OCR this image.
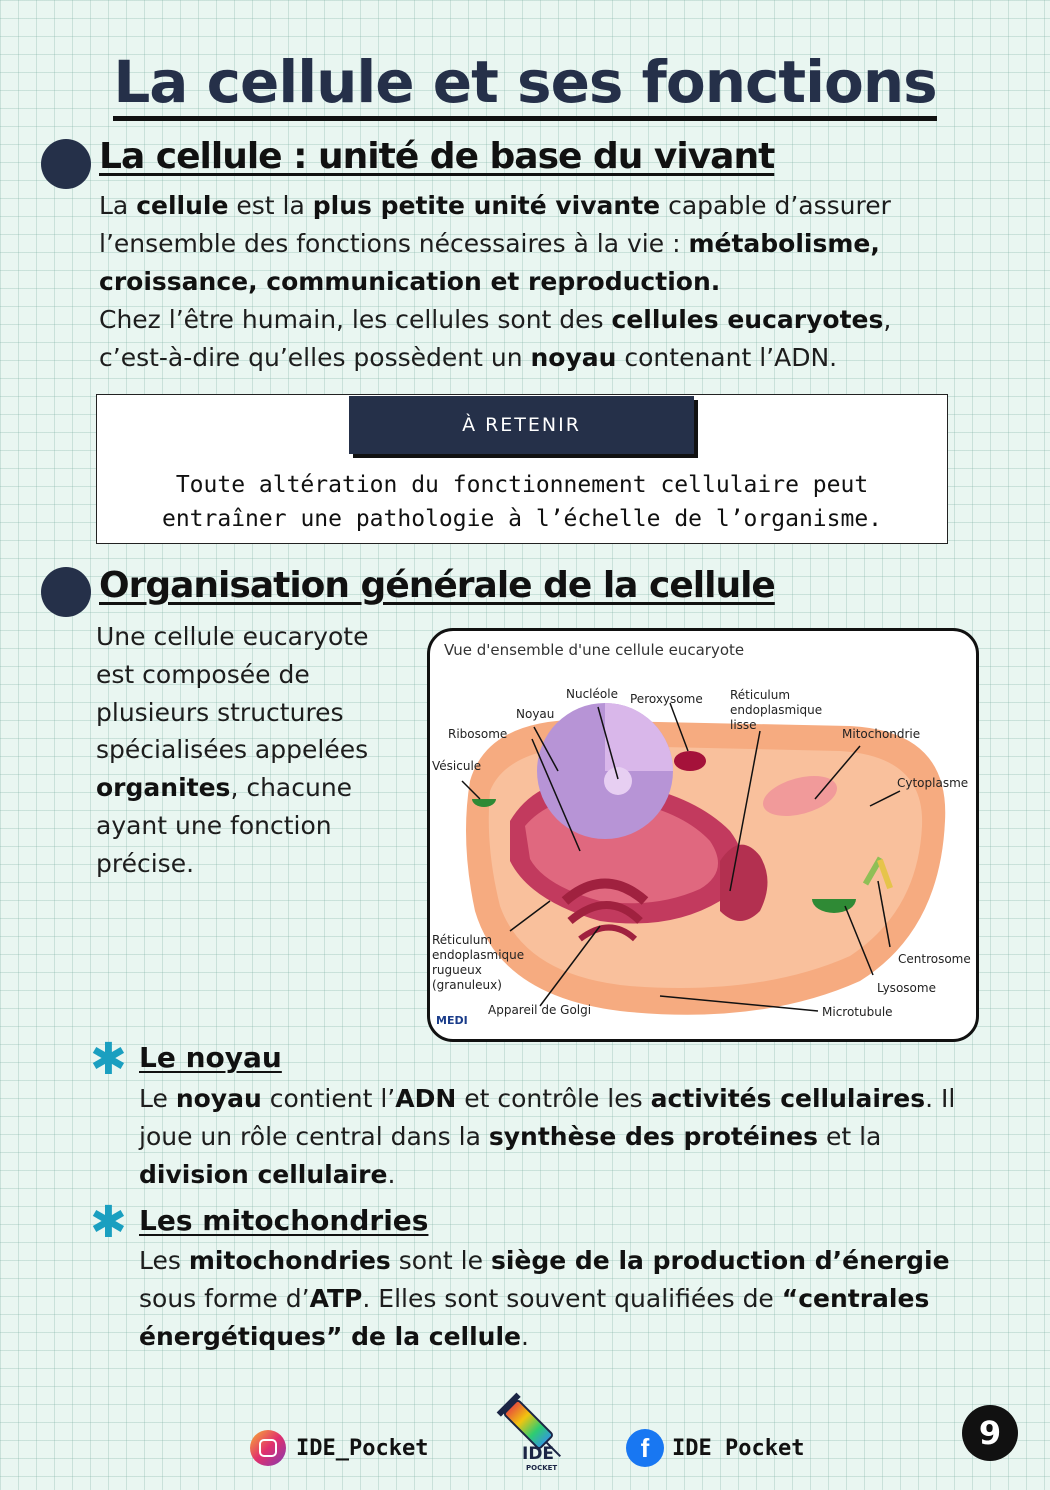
La cellule et ses fonctions
La cellule : unité de base du vivant
La cellule est la plus petite unité vivante capable d’assurer l’ensemble des fonctions nécessaires à la vie : métabolisme, croissance, communication et reproduction.
Chez l’être humain, les cellules sont des cellules eucaryotes, c’est-à-dire qu’elles possèdent un noyau contenant l’ADN.
À RETENIR
Toute altération du fonctionnement cellulaire peut
entraîner une pathologie à l’échelle de l’organisme.
Organisation générale de la cellule
Une cellule eucaryote est composée de plusieurs structures spécialisées appelées organites, chacune ayant une fonction précise.
Vue d'ensemble d'une cellule eucaryote
Nucléole
Noyau
Peroxysome Réticulum
endoplasmique
lisse
Ribosome	Mitochondrie
Vésicule
Cytoplasme
Réticulum
endoplasmique
rugueux
(granuleux)
Centrosome
Lysosome
Appareil de Golgi	Microtubule
MEDI
✱ Le noyau
Le noyau contient l’ADN et contrôle les activités cellulaires. Il joue un rôle central dans la synthèse des protéines et la division cellulaire.
✱ Les mitochondries
Les mitochondries sont le siège de la production d’énergie sous forme d’ATP. Elles sont souvent qualifiées de “centrales énergétiques” de la cellule.
IDE_Pocket	IDE
POCKET
f	IDE Pocket	9
